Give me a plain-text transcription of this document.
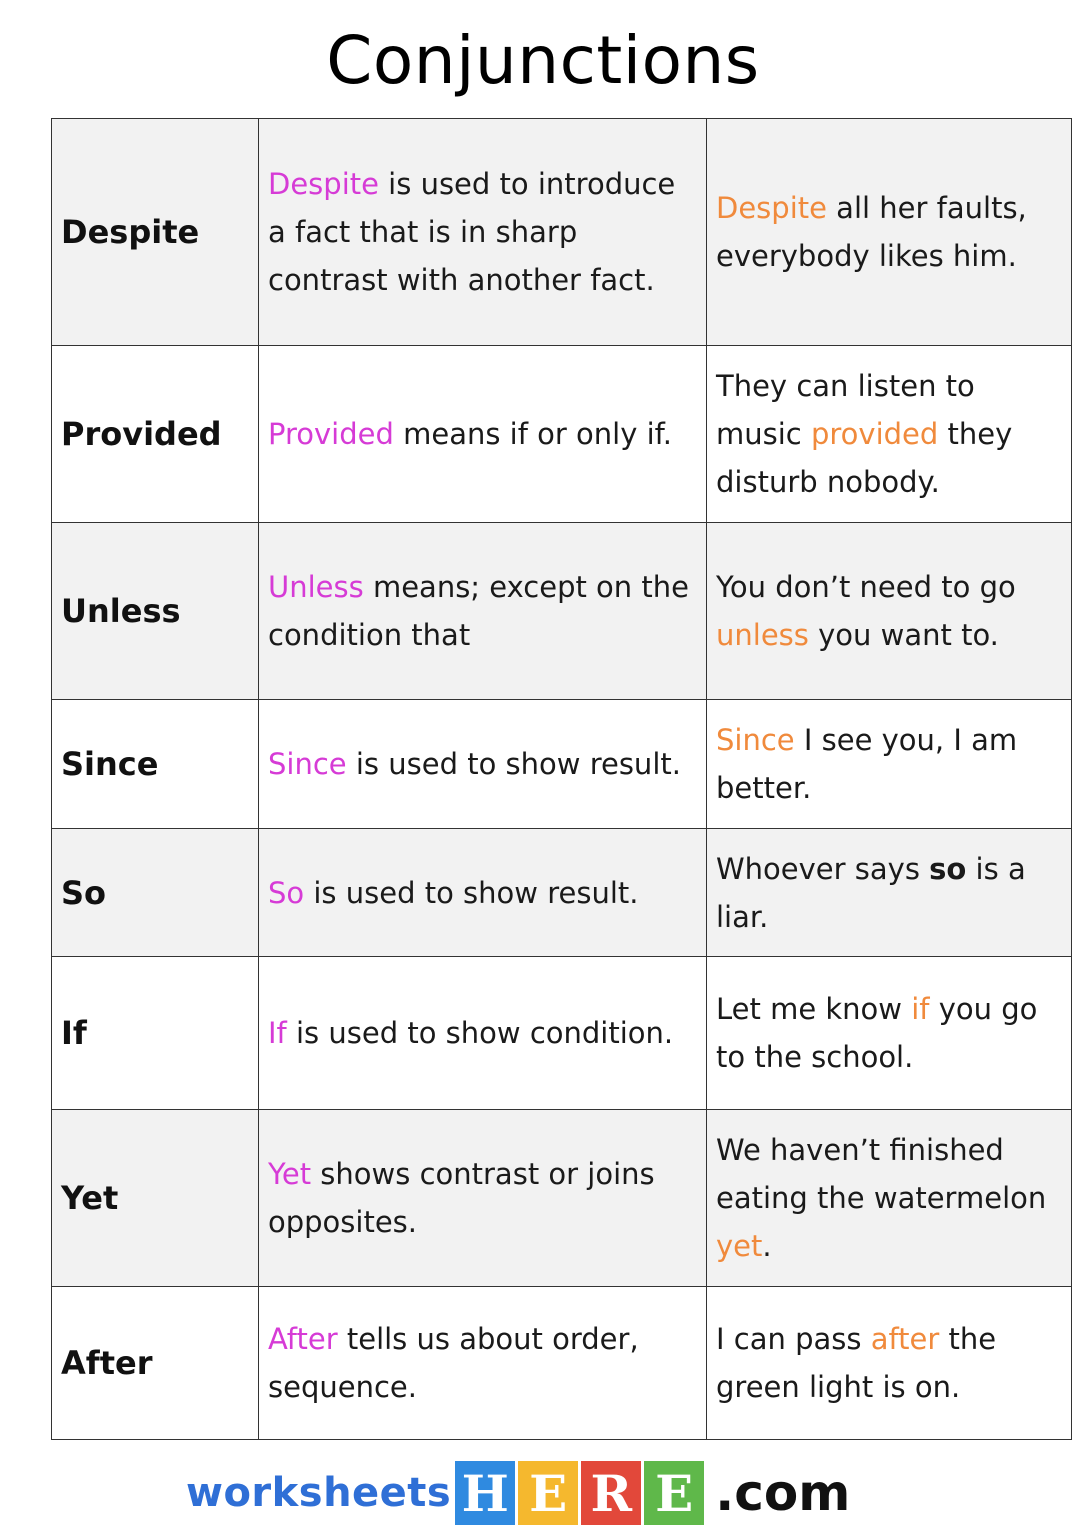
Conjunctions
Despite	Despite is used to introduce a fact that is in sharp contrast with another fact.	Despite all her faults, everybody likes him.
Provided	Provided means if or only if.	They can listen to music provided they disturb nobody.
Unless	Unless means; except on the condition that	You don’t need to go unless you want to.
Since	Since is used to show result.	Since I see you, I am better.
So	So is used to show result.	Whoever says so is a liar.
If	If is used to show condition.	Let me know if you go to the school.
Yet	Yet shows contrast or joins opposites.	We haven’t finished eating the watermelon yet.
After	After tells us about order, sequence.	I can pass after the green light is on.
worksheets H E R E .com
